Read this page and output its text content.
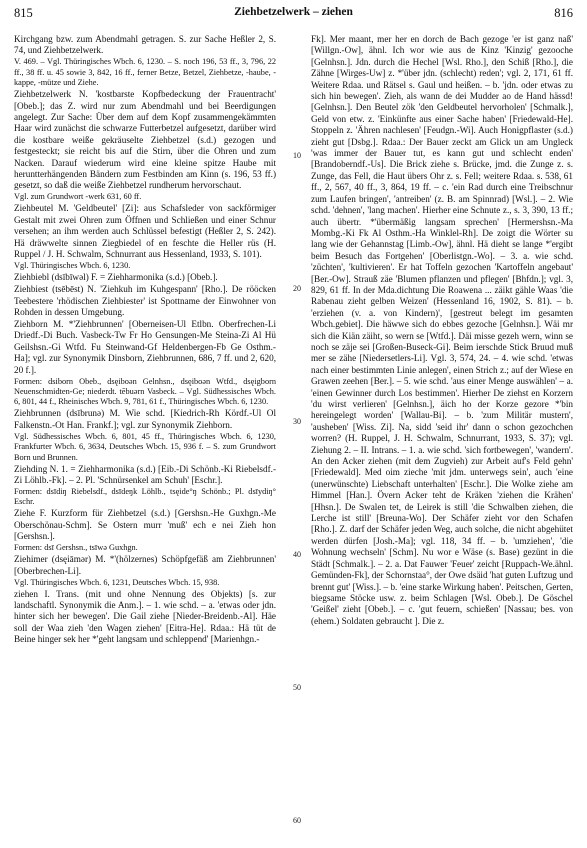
815	Ziehbetzelwerk – ziehen	816

Kirchgang bzw. zum Abendmahl getragen. S. zur Sache Heßler 2, S. 74, und Ziehbetzelwerk.

V. 469. – Vgl. Thüringisches Wbch. 6, 1230. – S. noch 196, 53 ff., 3, 796, 22 ff., 38 ff. u. 45 sowie 3, 842, 16 ff., ferner Betze, Betzel, Ziehbetze, -haube, -kappe, -mütze und Ziehe.

Ziehbetzelwerk N. 'kostbarste Kopfbedeckung der Frauentracht' [Obeb.]; das Z. wird nur zum Abendmahl und bei Beerdigungen angelegt. Zur Sache: Über dem auf dem Kopf zusammengekämmten Haar wird zunächst die schwarze Futterbetzel aufgesetzt, darüber wird die kostbare weiße gekräuselte Ziehbetzel (s.d.) gezogen und festgesteckt; sie reicht bis auf die Stirn, über die Ohren und zum Nacken. Darauf wiederum wird eine kleine spitze Haube mit heruntterhängenden Bändern zum Festbinden am Kinn (s. 196, 53 ff.) gesetzt, so daß die weiße Ziehbetzel rundherum hervorschaut.

Vgl. zum Grundwort -werk 631, 60 ff.

Ziehbeutel M. 'Geldbeutel' [Zi]: aus Schafsleder von sackförmiger Gestalt mit zwei Ohren zum Öffnen und Schließen und einer Schnur versehen; an ihm werden auch Schlüssel befestigt (Heßler 2, S. 242). Hä dräwwelte sinnen Ziegbiedel of en feschte die Heller rüs (H. Ruppel / J. H. Schwalm, Schnurrant aus Hessenland, 1933, S. 101).

Vgl. Thüringisches Wbch. 6, 1230.

Ziehbiebl (dsībīwəl) F. = Ziehharmonika (s.d.) [Obeb.].

Ziehbiest (tsēbēst) N. 'Ziehkuh im Kuhgespann' [Rho.]. De rööcken Teebestere 'rhödischen Ziehbiester' ist Spottname der Einwohner von Rohden in dessen Umgebung.

Ziehborn M. *'Ziehbrunnen' [Oberneisen-Ul Etlbn. Oberfrechen-Li Driedf.-Di Buch. Vasbeck-Tw Fr Ho Gensungen-Me Steina-Zi Al Hü Geilshsn.-Gi Wtfd. Fu Steinwand-Gf Heldenbergen-Fb Ge Osthm.-Ha]; vgl. zur Synonymik Dinsborn, Ziehbrunnen, 686, 7 ff. und 2, 620, 20 f.].

Formen: dsiborn Obeb., dsęiboən Gelnhsn., dsęiboən Wtfd., dsęigborn Neuenschmidten-Ge; niederdt. tēbuərn Vasbeck. – Vgl. Südhessisches Wbch. 6, 801, 44 f., Rheinisches Wbch. 9, 781, 61 f., Thüringisches Wbch. 6, 1230.

Ziehbrunnen (dsībrunə) M. Wie schd. [Kiedrich-Rh Kördf.-Ul Ol Falkenstn.-Ot Han. Frankf.]; vgl. zur Synonymik Ziehborn.

Vgl. Südhessisches Wbch. 6, 801, 45 ff., Thüringisches Wbch. 6, 1230, Frankfurter Wbch. 6, 3634, Deutsches Wbch. 15, 936 f. – S. zum Grundwort Born und Brunnen.

Ziehding N. 1. = Ziehharmonika (s.d.) [Eib.-Di Schönb.-Ki Riebelsdf.-Zi Löhlb.-Fk]. – 2. Pl. 'Schnürsenkel am Schuh' [Eschr.].

Formen: dsīdiŋ Riebelsdf., dsīdeŋk Löhlb., tsęide°ŋ Schönb.; Pl. dsīydiŋ° Eschr.

Ziehe F. Kurzform für Ziehbetzel (s.d.) [Gershsn.-He Guxhgn.-Me Oberschönau-Schm]. Se Ostern murr 'muß' ech e nei Zieh hon [Gershsn.].

Formen: dsī Gershsn., tsīwə Guxhgn.

Ziehimer (dsęiāmər) M. *'(hölzernes) Schöpfgefäß am Ziehbrunnen' [Oberbrechen-Li].

Vgl. Thüringisches Wbch. 6, 1231, Deutsches Wbch. 15, 938.

ziehen I. Trans. (mit und ohne Nennung des Objekts) [s. zur landschaftl. Synonymik die Anm.]. – 1. wie schd. – a. 'etwas oder jdn. hinter sich her bewegen'. Die Gail ziehe [Nieder-Breidenb.-Al]. Häe soll der Waa zieh 'den Wagen ziehen' [Eitra-He]. Rdaa.: Hä tüt de Beine hinger sek her *'geht langsam und schleppend' [Marienhgn.-

10
20
30
40
50
60

Fk]. Mer maant, mer her en dorch de Bach gezoge 'er ist ganz naß' [Willgn.-Ow], ähnl. Ich wor wie aus de Kinz 'Kinzig' gezooche [Gelnhsn.]. Jdn. durch die Hechel [Wsl. Rho.], den Schiß [Rho.], die Zähne [Wirges-Uw] z. *'über jdn. (schlecht) reden'; vgl. 2, 171, 61 ff. Weitere Rdaa. und Rätsel s. Gaul und heißen. – b. 'jdn. oder etwas zu sich hin bewegen'. Zieh, als wann de dei Mudder ao de Hand hässd! [Gelnhsn.]. Den Beutel zök 'den Geldbeutel hervorholen' [Schmalk.], Geld von etw. z. 'Einkünfte aus einer Sache haben' [Friedewald-He]. Stoppeln z. 'Ähren nachlesen' [Feudgn.-Wi]. Auch Honigpflaster (s.d.) zieht gut [Dsbg.]. Rdaa.: Der Bauer zeckt am Glick un am Ungleck 'was immer der Bauer tut, es kann gut und schlecht enden' [Brandoberndf.-Us]. Die Brick ziehe s. Brücke, jmd. die Zunge z. s. Zunge, das Fell, die Haut übers Ohr z. s. Fell; weitere Rdaa. s. 538, 61 ff., 2, 567, 40 ff., 3, 864, 19 ff. – c. 'ein Rad durch eine Treibschnur zum Laufen bringen', 'antreiben' (z. B. am Spinnrad) [Wsl.]. – 2. Wie schd. 'dehnen', 'lang machen'. Hierher eine Schnute z., s. 3, 390, 13 ff.; auch übertr. *'übermäßig langsam sprechen' [Hermershsn.-Ma Mombg.-Ki Fk Al Osthm.-Ha Winklel-Rh]. De zoigt die Wörter su lang wie der Gehannstag [Limb.-Ow], ähnl. Hä dieht se lange *'ergibt beim Besuch das Fortgehen' [Oberlistgn.-Wo]. – 3. a. wie schd. 'züchten', 'kultivieren'. Er hat Toffeln gezochen 'Kartoffeln angebaut' [Ber.-Ow]. Strauß zäe 'Blumen pflanzen und pflegen' [Bhfdn.]; vgl. 3, 829, 61 ff. In der Mda.dichtung Die Roawena ... zäikt gähle Waas 'die Rabenau zieht gelben Weizen' (Hessenland 16, 1902, S. 81). – b. 'erziehen (v. a. von Kindern)', [gestreut belegt im gesamten Wbch.gebiet]. Die häwwe sich do ebbes gezoche [Gelnhsn.]. Wäi mr sich die Kiän zäiht, so wern se [Wtfd.]. Däi misse gezeh wern, winn se noch se zäje sei [Großen-Buseck-Gi]. Beim ierschde Stick Bruud muß mer se zähe [Niedersetlers-Li]. Vgl. 3, 574, 24. – 4. wie schd. 'etwas nach einer bestimmten Linie anlegen', einen Strich z.; auf der Wiese en Grawen zeehen [Ber.]. – 5. wie schd. 'aus einer Menge auswählen' – a. 'einen Gewinner durch Los bestimmen'. Hierher De ziehst en Korzern 'du wirst verlieren' [Gelnhsn.], äich ho der Korze gezore *'bin hereingelegt worden' [Wallau-Bi]. – b. 'zum Militär mustern', 'ausheben' [Wiss. Zi]. Na, sidd 'seid ihr' dann o schon gezochchen worren? (H. Ruppel, J. H. Schwalm, Schnurrant, 1933, S. 37); vgl. Ziehung 2. – II. Intrans. – 1. a. wie schd. 'sich fortbewegen', 'wandern'. An den Acker ziehen (mit dem Zugvieh) zur Arbeit auf's Feld gehn' [Friedewald]. Med oim zieche 'mit jdm. unterwegs sein', auch 'eine (unerwünschte) Liebschaft unterhalten' [Eschr.]. Die Wolke ziehe am Himmel [Han.]. Övern Acker teht de Kräken 'ziehen die Krähen' [Hhsn.]. De Swalen tet, de Leirek is still 'die Schwalben ziehen, die Lerche ist still' [Breuna-Wo]. Der Schäfer zieht vor den Schafen [Rho.]. Z. darf der Schäfer jeden Weg, auch solche, die nicht abgehütet werden dürfen [Josh.-Ma]; vgl. 118, 34 ff. – b. 'umziehen', 'die Wohnung wechseln' [Schm]. Nu wor e Wäse (s. Base) gezünt in die Städt [Schmalk.]. – 2. a. Dat Fauwer 'Feuer' zeicht [Ruppach-We.ähnl. Gemünden-Fk], der Schornstaa°, der Owe dsäid 'hat guten Luftzug und brennt gut' [Wiss.]. – b. 'eine starke Wirkung haben'. Peitschen, Gerten, biegsame Stöcke usw. z. beim Schlagen [Wsl. Obeb.]. De Göschel 'Geißel' zieht [Obeb.]. – c. 'gut feuern, schießen' [Nassau; bes. von (ehem.) Soldaten gebraucht ]. Die z.
